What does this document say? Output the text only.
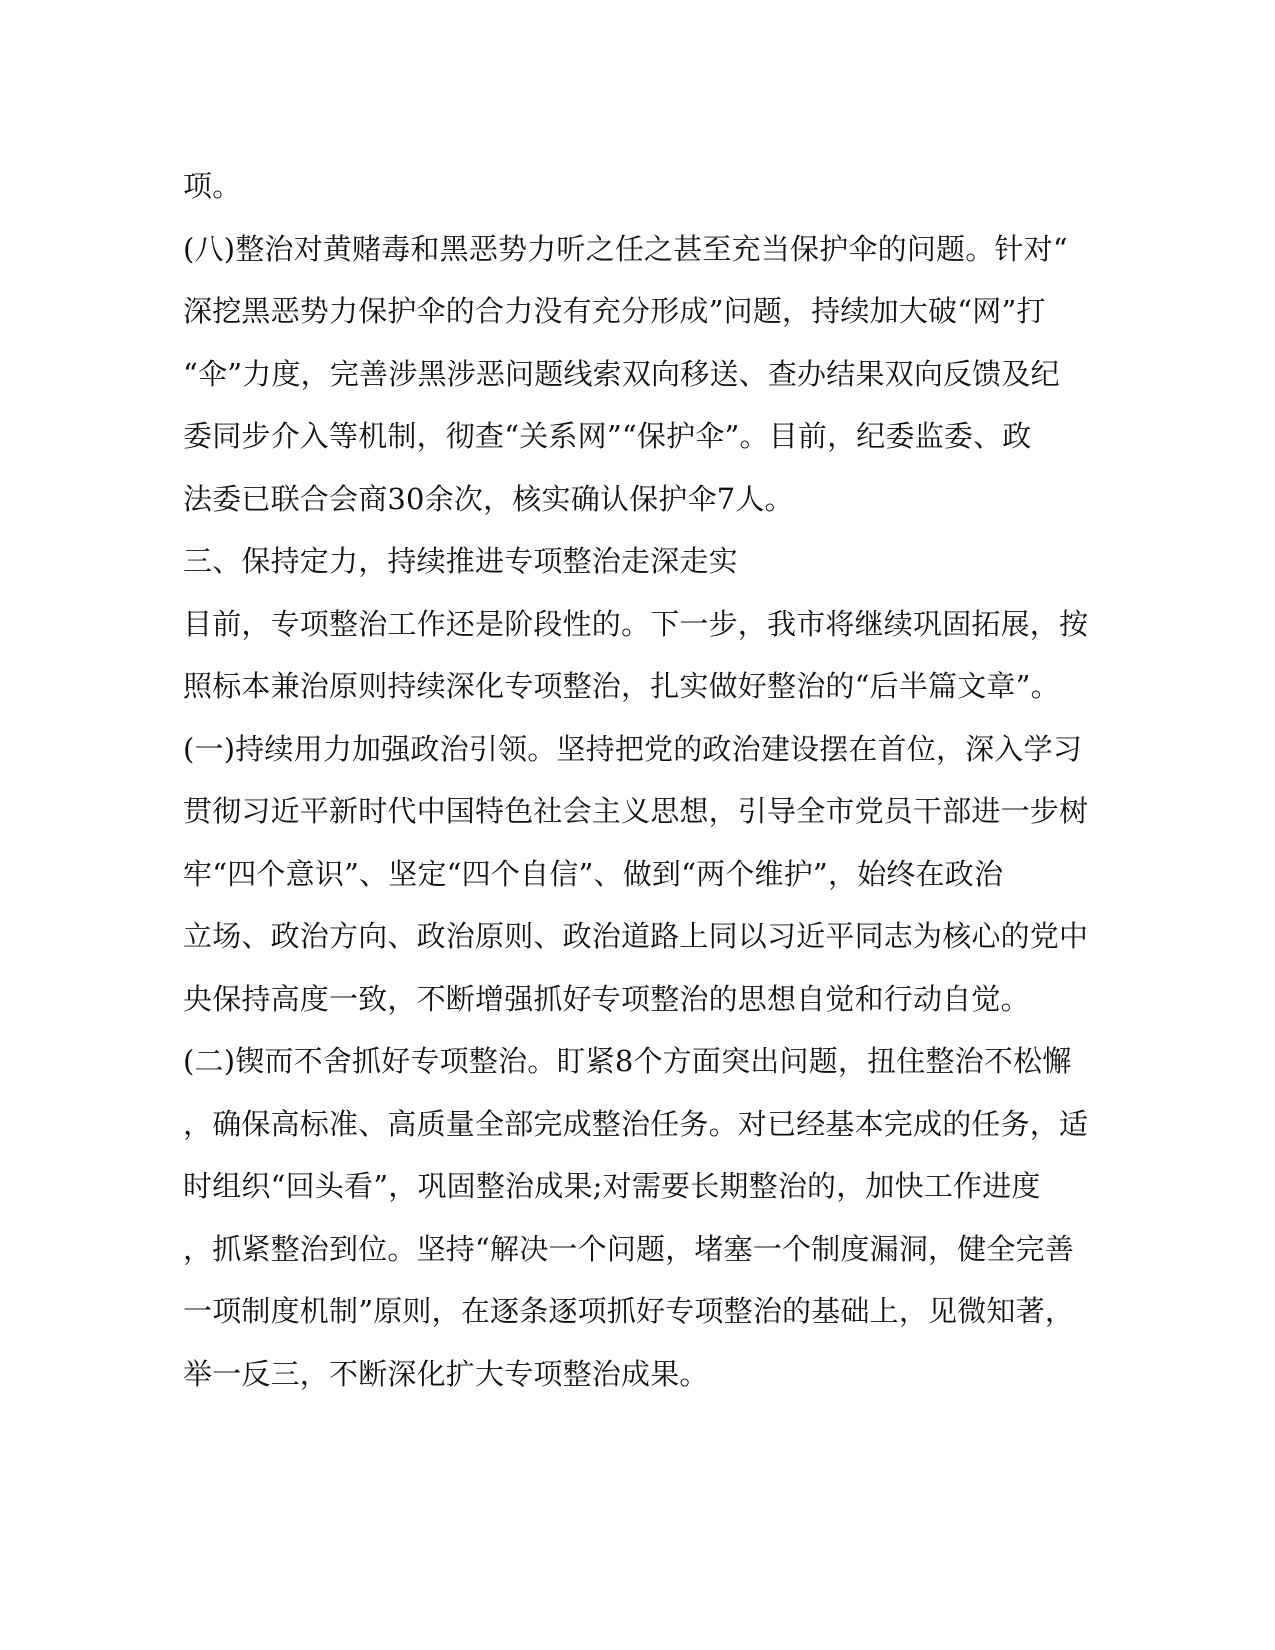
项。
(八)整治对黄赌毒和黑恶势力听之任之甚至充当保护伞的问题。针对“
深挖黑恶势力保护伞的合力没有充分形成”问题，持续加大破“网”打
“伞”力度，完善涉黑涉恶问题线索双向移送、查办结果双向反馈及纪
委同步介入等机制，彻查“关系网”“保护伞”。目前，纪委监委、政
法委已联合会商30余次，核实确认保护伞7人。
三、保持定力，持续推进专项整治走深走实
目前，专项整治工作还是阶段性的。下一步，我市将继续巩固拓展，按
照标本兼治原则持续深化专项整治，扎实做好整治的“后半篇文章”。
(一)持续用力加强政治引领。坚持把党的政治建设摆在首位，深入学习
贯彻习近平新时代中国特色社会主义思想，引导全市党员干部进一步树
牢“四个意识”、坚定“四个自信”、做到“两个维护”，始终在政治
立场、政治方向、政治原则、政治道路上同以习近平同志为核心的党中
央保持高度一致，不断增强抓好专项整治的思想自觉和行动自觉。
(二)锲而不舍抓好专项整治。盯紧8个方面突出问题，扭住整治不松懈
，确保高标准、高质量全部完成整治任务。对已经基本完成的任务，适
时组织“回头看”，巩固整治成果;对需要长期整治的，加快工作进度
，抓紧整治到位。坚持“解决一个问题，堵塞一个制度漏洞，健全完善
一项制度机制”原则，在逐条逐项抓好专项整治的基础上，见微知著，
举一反三，不断深化扩大专项整治成果。
